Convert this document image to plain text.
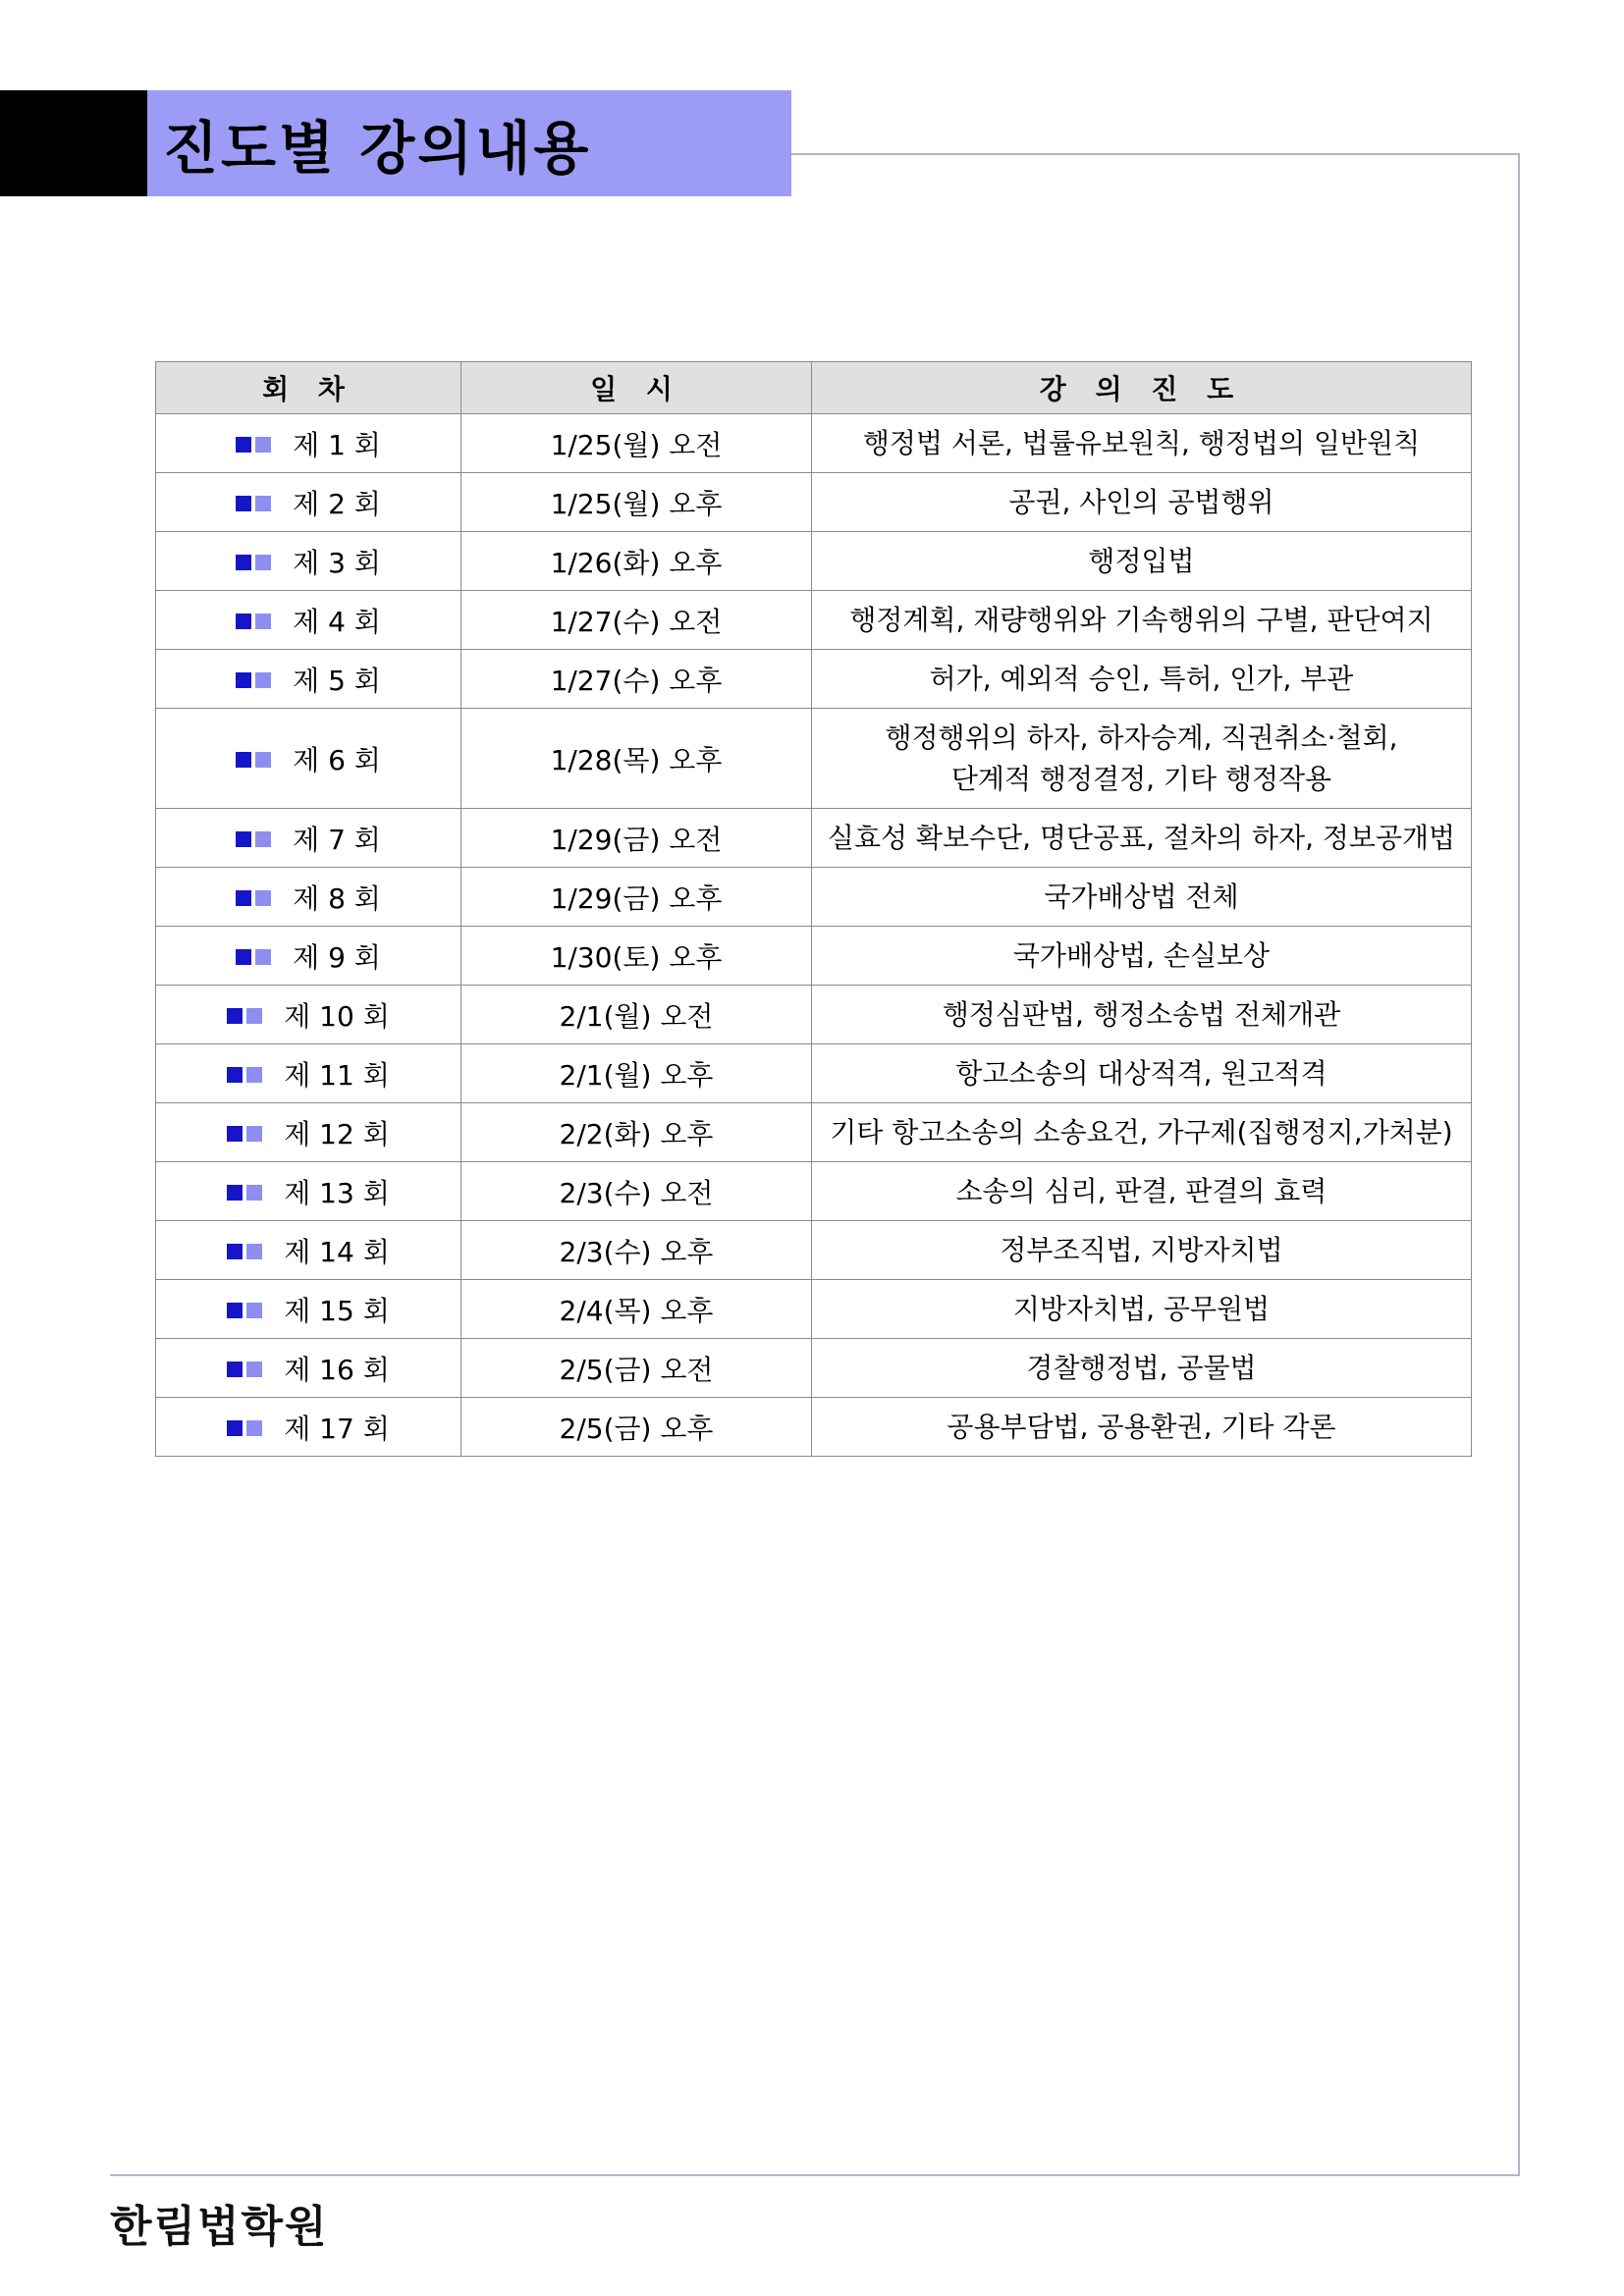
진도별 강의내용
회 차	일 시	강 의 진 도
제 1 회	1/25(월) 오전	행정법 서론, 법률유보원칙, 행정법의 일반원칙
제 2 회	1/25(월) 오후	공권, 사인의 공법행위
제 3 회	1/26(화) 오후	행정입법
제 4 회	1/27(수) 오전	행정계획, 재량행위와 기속행위의 구별, 판단여지
제 5 회	1/27(수) 오후	허가, 예외적 승인, 특허, 인가, 부관
제 6 회	1/28(목) 오후	행정행위의 하자, 하자승계, 직권취소·철회,
단계적 행정결정, 기타 행정작용

제 7 회	1/29(금) 오전	실효성 확보수단, 명단공표, 절차의 하자, 정보공개법
제 8 회	1/29(금) 오후	국가배상법 전체
제 9 회	1/30(토) 오후	국가배상법, 손실보상
제 10 회	2/1(월) 오전	행정심판법, 행정소송법 전체개관
제 11 회	2/1(월) 오후	항고소송의 대상적격, 원고적격
제 12 회	2/2(화) 오후	기타 항고소송의 소송요건, 가구제(집행정지,가처분)
제 13 회	2/3(수) 오전	소송의 심리, 판결, 판결의 효력
제 14 회	2/3(수) 오후	정부조직법, 지방자치법
제 15 회	2/4(목) 오후	지방자치법, 공무원법
제 16 회	2/5(금) 오전	경찰행정법, 공물법
제 17 회	2/5(금) 오후	공용부담법, 공용환권, 기타 각론
한림법학원
